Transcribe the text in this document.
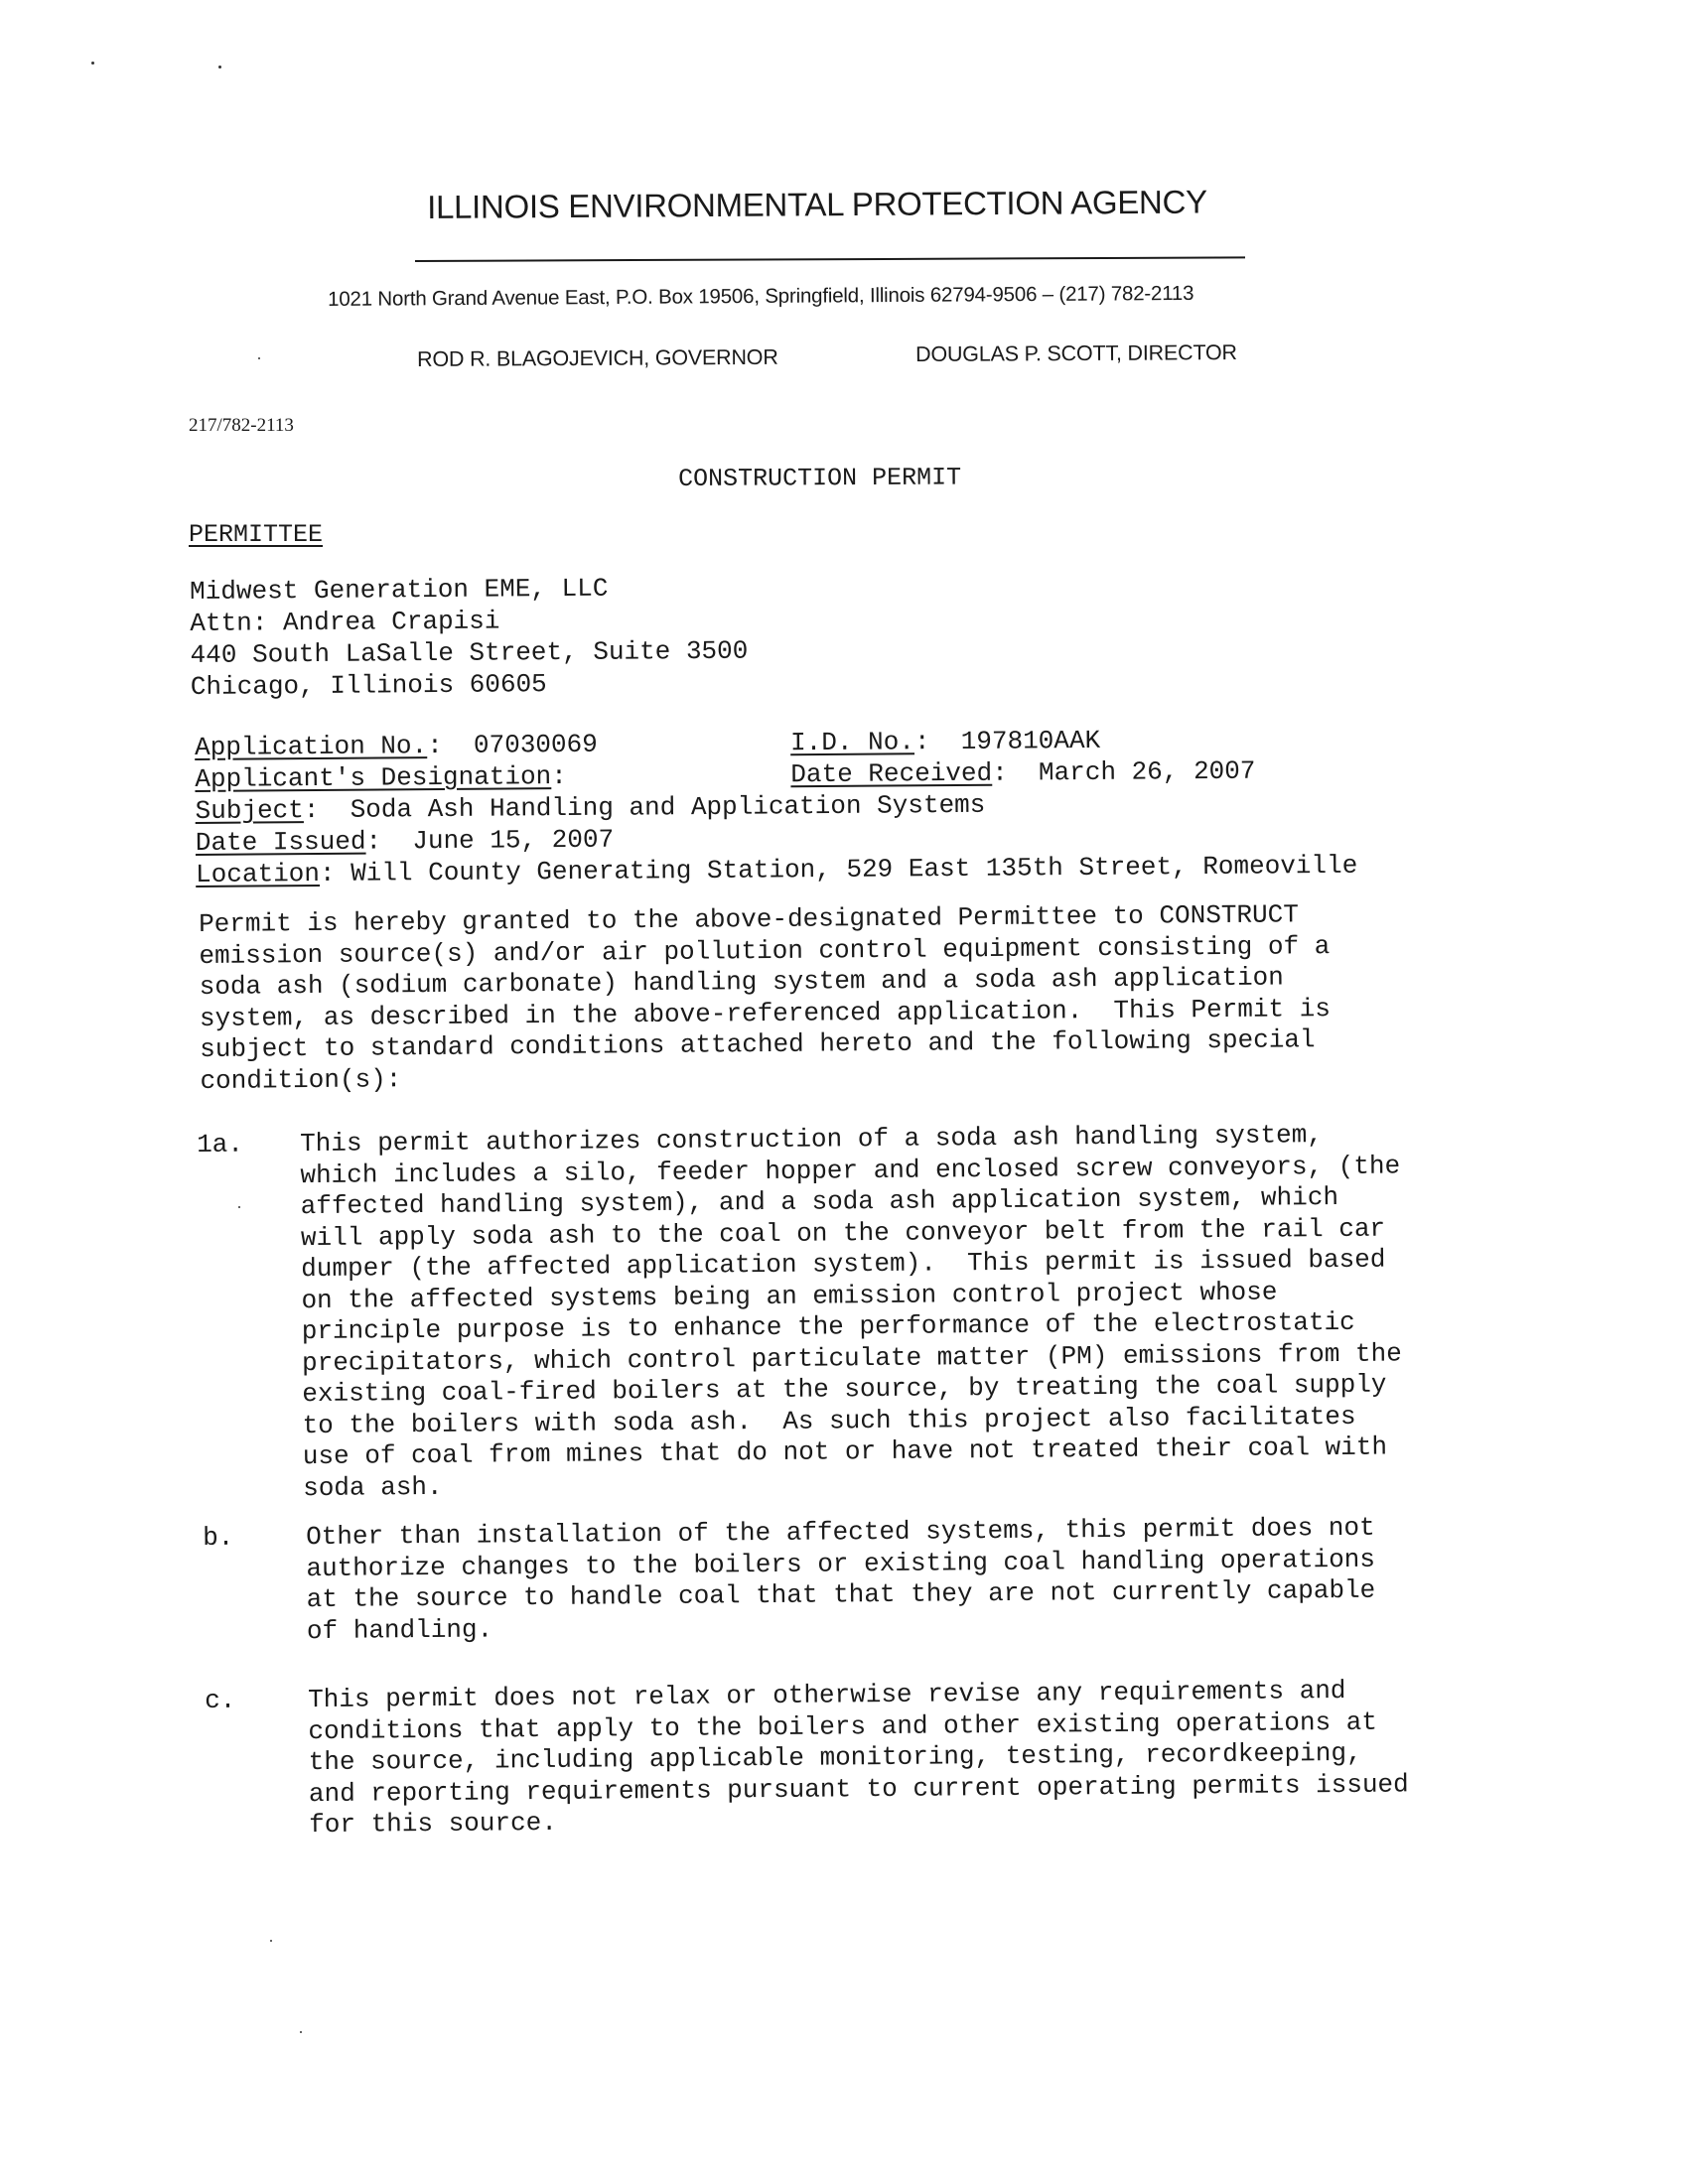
ILLINOIS ENVIRONMENTAL PROTECTION AGENCY
1021 North Grand Avenue East, P.O. Box 19506, Springfield, Illinois 62794-9506 – (217) 782-2113
ROD R. BLAGOJEVICH, GOVERNOR	DOUGLAS P. SCOTT, DIRECTOR
217/782-2113
CONSTRUCTION PERMIT
PERMITTEE
Midwest Generation EME, LLC
Attn: Andrea Crapisi
440 South LaSalle Street, Suite 3500
Chicago, Illinois 60605
Application No.:  07030069	I.D. No.:  197810AAK
Applicant's Designation:	Date Received:  March 26, 2007
Subject:  Soda Ash Handling and Application Systems
Date Issued:  June 15, 2007
Location: Will County Generating Station, 529 East 135th Street, Romeoville
Permit is hereby granted to the above-designated Permittee to CONSTRUCT
emission source(s) and/or air pollution control equipment consisting of a
soda ash (sodium carbonate) handling system and a soda ash application
system, as described in the above-referenced application.  This Permit is
subject to standard conditions attached hereto and the following special
condition(s):
1a. This permit authorizes construction of a soda ash handling system,
which includes a silo, feeder hopper and enclosed screw conveyors, (the
affected handling system), and a soda ash application system, which
will apply soda ash to the coal on the conveyor belt from the rail car
dumper (the affected application system).  This permit is issued based
on the affected systems being an emission control project whose
principle purpose is to enhance the performance of the electrostatic
precipitators, which control particulate matter (PM) emissions from the
existing coal-fired boilers at the source, by treating the coal supply
to the boilers with soda ash.  As such this project also facilitates
use of coal from mines that do not or have not treated their coal with
soda ash.
b.	Other than installation of the affected systems, this permit does not
authorize changes to the boilers or existing coal handling operations
at the source to handle coal that that they are not currently capable
of handling.
c.	This permit does not relax or otherwise revise any requirements and
conditions that apply to the boilers and other existing operations at
the source, including applicable monitoring, testing, recordkeeping,
and reporting requirements pursuant to current operating permits issued
for this source.
